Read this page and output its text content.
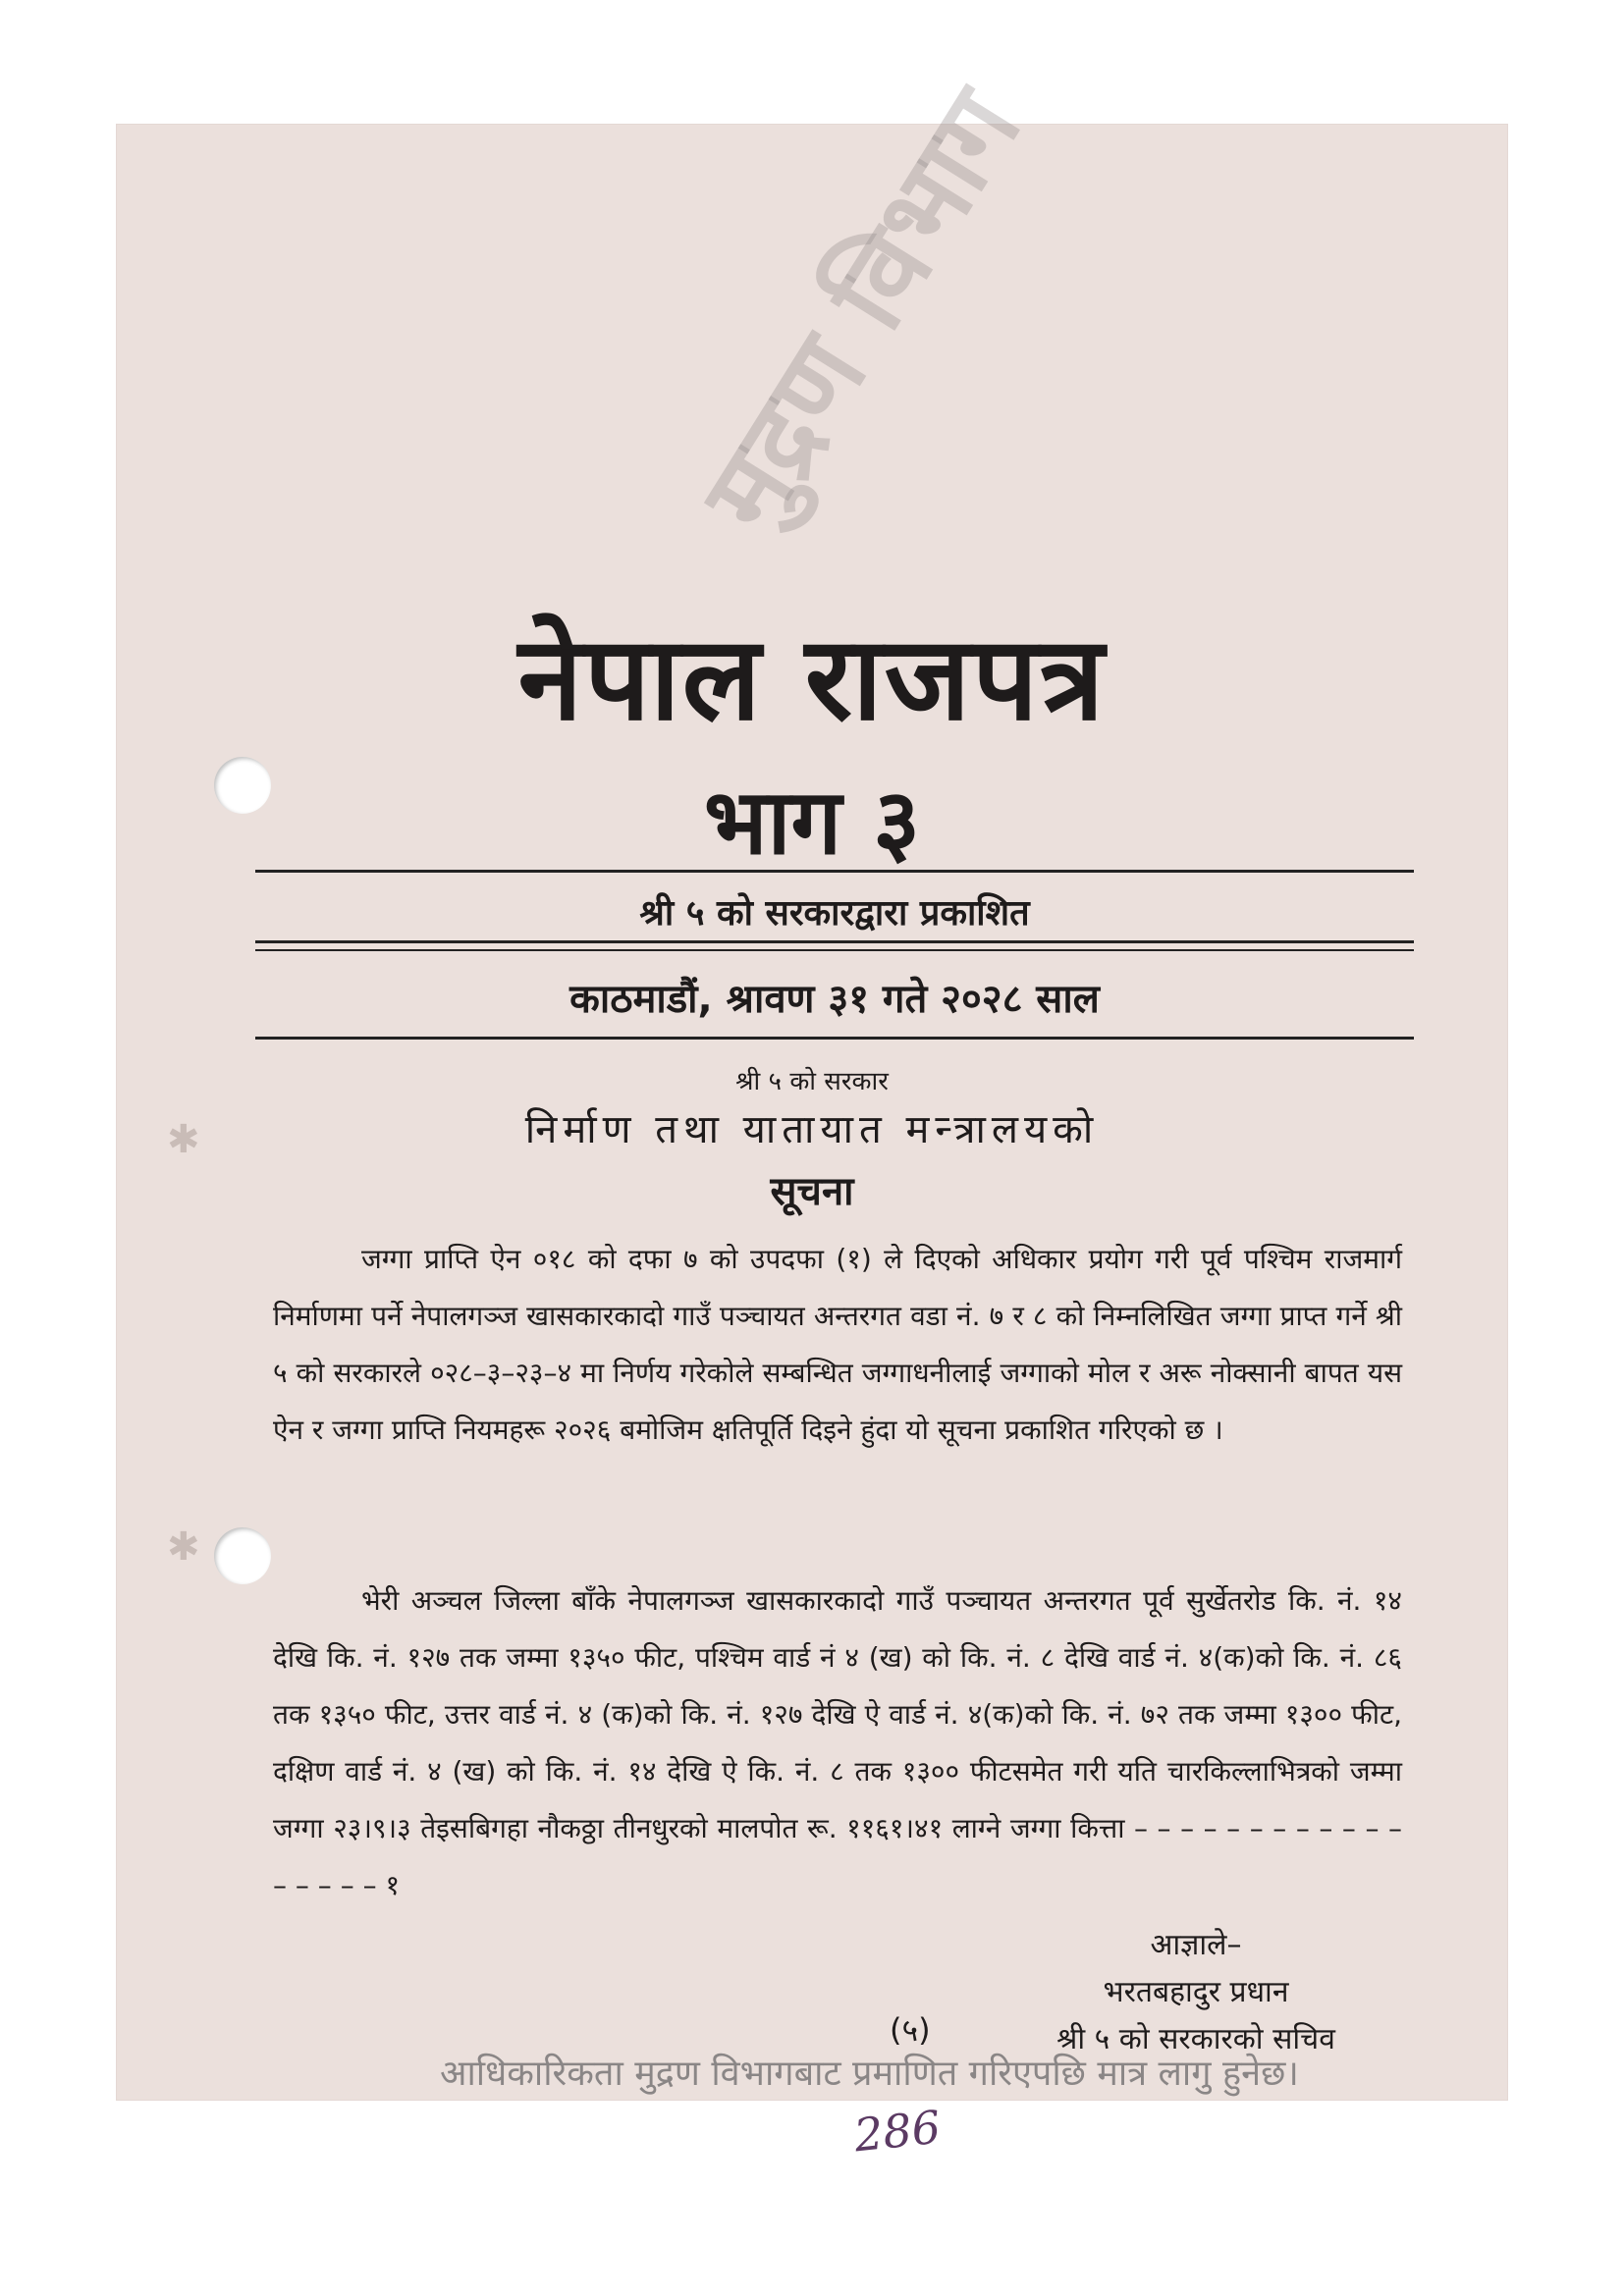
✱
✱
मुद्रण विभाग
नेपाल राजपत्र
भाग ३
श्री ५ को सरकारद्वारा प्रकाशित
काठमाडौं, श्रावण ३१ गते २०२८ साल
श्री ५ को सरकार
निर्माण तथा यातायात मन्त्रालयको
सूचना

जग्गा प्राप्ति ऐन ०१८ को दफा ७ को उपदफा (१) ले दिएको अधिकार प्रयोग गरी पूर्व पश्चिम राजमार्ग निर्माणमा पर्ने नेपालगञ्ज खासकारकादो गाउँ पञ्चायत अन्तरगत वडा नं. ७ र ८ को निम्नलिखित जग्गा प्राप्त गर्ने श्री ५ को सरकारले ०२८–३–२३–४ मा निर्णय गरेकोले सम्बन्धित जग्गाधनीलाई जग्गाको मोल र अरू नोक्सानी बापत यस ऐन र जग्गा प्राप्ति नियमहरू २०२६ बमोजिम क्षतिपूर्ति दिइने हुंदा यो सूचना प्रकाशित गरिएको छ ।

भेरी अञ्चल जिल्ला बाँके नेपालगञ्ज खासकारकादो गाउँ पञ्चायत अन्तरगत पूर्व सुर्खेतरोड कि. नं. १४ देखि कि. नं. १२७ तक जम्मा १३५० फीट, पश्चिम वार्ड नं ४ (ख) को कि. नं. ८ देखि वार्ड नं. ४(क)को कि. नं. ८६ तक १३५० फीट, उत्तर वार्ड नं. ४ (क)को कि. नं. १२७ देखि ऐ वार्ड नं. ४(क)को कि. नं. ७२ तक जम्मा १३०० फीट, दक्षिण वार्ड नं. ४ (ख) को कि. नं. १४ देखि ऐ कि. नं. ८ तक १३०० फीटसमेत गरी यति चारकिल्लाभित्रको जम्मा जग्गा २३।९।३ तेइसबिगहा नौकठ्ठा तीनधुरको मालपोत रू. ११६१।४१ लाग्ने जग्गा कित्ता – – – – – – – – – – – – – – – – – १

आज्ञाले–
भरतबहादुर प्रधान
श्री ५ को सरकारको सचिव
(५)
आधिकारिकता मुद्रण विभागबाट प्रमाणित गरिएपछि मात्र लागु हुनेछ।
286
